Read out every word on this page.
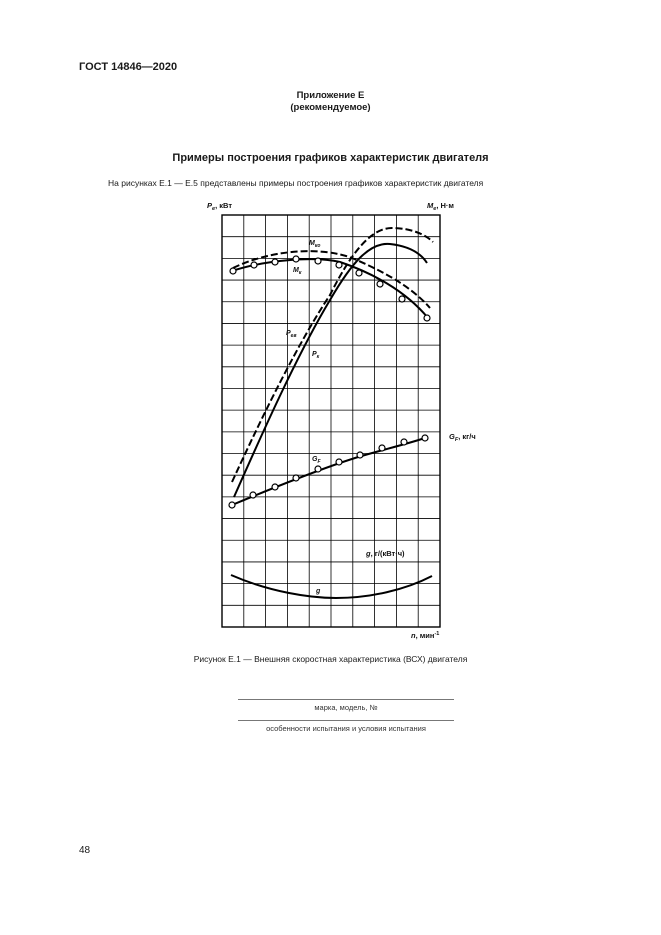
ГОСТ 14846—2020
Приложение Е
(рекомендуемое)
Примеры построения графиков характеристик двигателя
На рисунках Е.1 — Е.5 представлены примеры построения графиков характеристик двигателя
$P_e$, кВт	$M_e$, Н·м
n, мин$^{-1}$
$G_F$, кг/ч
g, г/(кВт·ч)
$M_{ко}$
$M_к$
$P_{ев}$
$P_к$
$G_F$
g
Рисунок Е.1 — Внешняя скоростная характеристика (ВСХ) двигателя
марка, модель, №
особенности испытания и условия испытания
48
